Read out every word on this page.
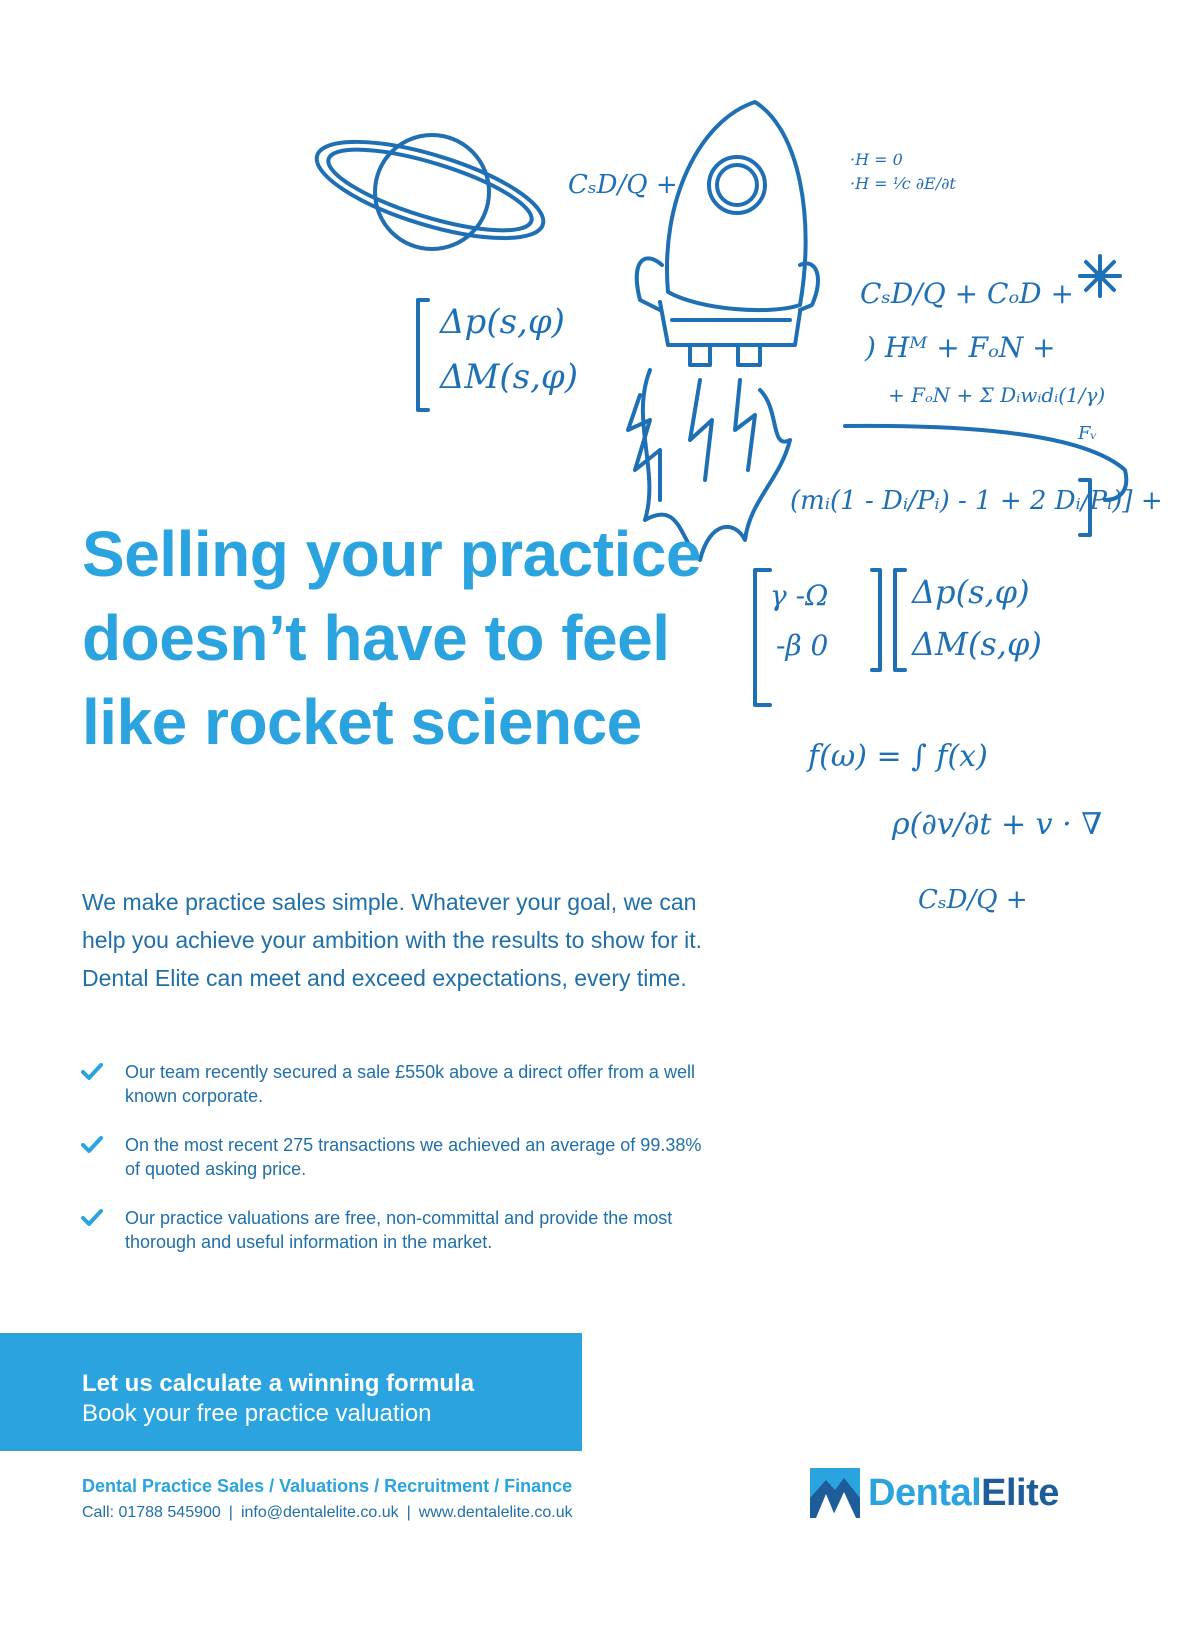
CₛD/Q +
·H = 0
·H = ¹⁄c ∂E/∂t
Δp(s,φ)
ΔM(s,φ)
CₛD/Q + CₒD +
) Hᴹ + FₒN +
+ FₒN + Σ Dᵢwᵢdᵢ(1/γ)
Fᵥ
(mᵢ(1 - Dᵢ/Pᵢ) - 1 + 2 Dᵢ/Pᵢ)] +
γ -Ω
-β 0
Δp(s,φ)
ΔM(s,φ)
f(ω) = ∫ f(x)
ρ(∂v/∂t + v · ∇
CₛD/Q +
Selling your practice doesn’t have to feel like rocket science

We make practice sales simple. Whatever your goal, we can help you achieve your ambition with the results to show for it. Dental Elite can meet and exceed expectations, every time.

Our team recently secured a sale £550k above a direct offer from a well known corporate.
On the most recent 275 transactions we achieved an average of 99.38% of quoted asking price.
Our practice valuations are free, non-committal and provide the most thorough and useful information in the market.
Let us calculate a winning formula
Book your free practice valuation

Dental Practice Sales / Valuations / Recruitment / Finance

Call: 01788 545900 | info@dentalelite.co.uk | www.dentalelite.co.uk	DentalElite
